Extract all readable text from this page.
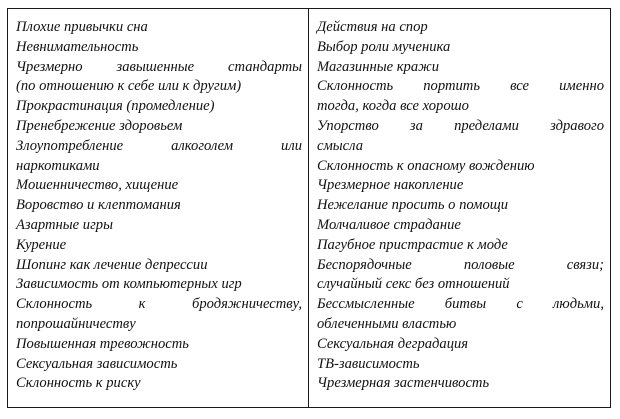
Плохие привычки сна
Невнимательность
Чрезмерно завышенные стандарты
(по отношению к себе или к другим)
Прокрастинация (промедление)
Пренебрежение здоровьем
Злоупотребление алкоголем или
наркотиками
Мошенничество, хищение
Воровство и клептомания
Азартные игры
Курение
Шопинг как лечение депрессии
Зависимость от компьютерных игр
Склонность к бродяжничеству,
попрошайничеству
Повышенная тревожность
Сексуальная зависимость
Склонность к риску
Действия на спор
Выбор роли мученика
Магазинные кражи
Склонность портить все именно
тогда, когда все хорошо
Упорство за пределами здравого
смысла
Склонность к опасному вождению
Чрезмерное накопление
Нежелание просить о помощи
Молчаливое страдание
Пагубное пристрастие к моде
Беспорядочные половые связи;
случайный секс без отношений
Бессмысленные битвы с людьми,
облеченными властью
Сексуальная деградация
ТВ-зависимость
Чрезмерная застенчивость
